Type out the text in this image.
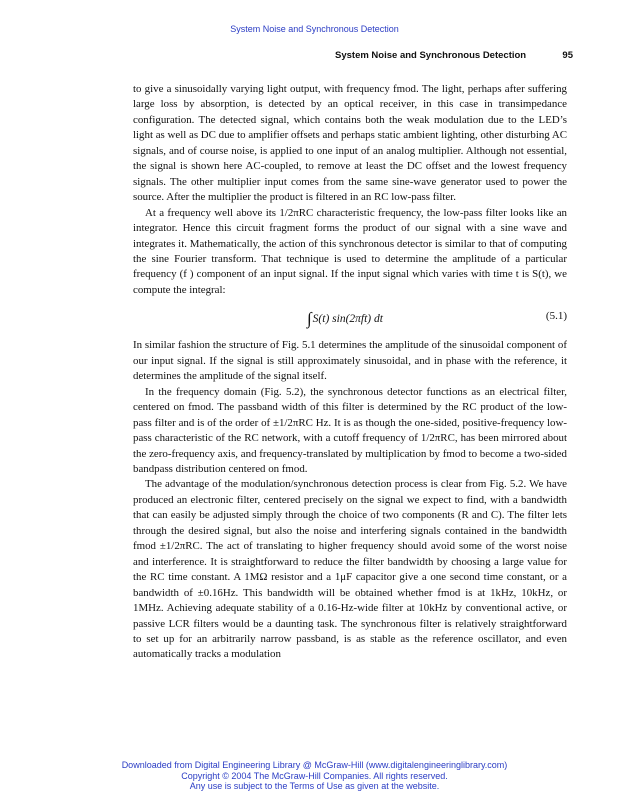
System Noise and Synchronous Detection
System Noise and Synchronous Detection	95

to give a sinusoidally varying light output, with frequency fmod. The light, perhaps after suffering large loss by absorption, is detected by an optical receiver, in this case in transimpedance configuration. The detected signal, which contains both the weak modulation due to the LED’s light as well as DC due to amplifier offsets and perhaps static ambient lighting, other disturbing AC signals, and of course noise, is applied to one input of an analog multiplier. Although not essential, the signal is shown here AC-coupled, to remove at least the DC offset and the lowest frequency signals. The other multiplier input comes from the same sine-wave generator used to power the source. After the multiplier the product is filtered in an RC low-pass filter.

At a frequency well above its 1/2πRC characteristic frequency, the low-pass filter looks like an integrator. Hence this circuit fragment forms the product of our signal with a sine wave and integrates it. Mathematically, the action of this synchronous detector is similar to that of computing the sine Fourier transform. That technique is used to determine the amplitude of a particular frequency (f ) component of an input signal. If the input signal which varies with time t is S(t), we compute the integral:

∫S(t) sin(2πft) dt	(5.1)

In similar fashion the structure of Fig. 5.1 determines the amplitude of the sinusoidal component of our input signal. If the signal is still approximately sinusoidal, and in phase with the reference, it determines the amplitude of the signal itself.

In the frequency domain (Fig. 5.2), the synchronous detector functions as an electrical filter, centered on fmod. The passband width of this filter is determined by the RC product of the low-pass filter and is of the order of ±1/2πRC Hz. It is as though the one-sided, positive-frequency low-pass characteristic of the RC network, with a cutoff frequency of 1/2πRC, has been mirrored about the zero-frequency axis, and frequency-translated by multiplication by fmod to become a two-sided bandpass distribution centered on fmod.

The advantage of the modulation/synchronous detection process is clear from Fig. 5.2. We have produced an electronic filter, centered precisely on the signal we expect to find, with a bandwidth that can easily be adjusted simply through the choice of two components (R and C). The filter lets through the desired signal, but also the noise and interfering signals contained in the bandwidth fmod ±1/2πRC. The act of translating to higher frequency should avoid some of the worst noise and interference. It is straightforward to reduce the filter bandwidth by choosing a large value for the RC time constant. A 1MΩ resistor and a 1μF capacitor give a one second time constant, or a bandwidth of ±0.16Hz. This bandwidth will be obtained whether fmod is at 1kHz, 10kHz, or 1MHz. Achieving adequate stability of a 0.16-Hz-wide filter at 10kHz by conventional active, or passive LCR filters would be a daunting task. The synchronous filter is relatively straightforward to set up for an arbitrarily narrow passband, is as stable as the reference oscillator, and even automatically tracks a modulation

Downloaded from Digital Engineering Library @ McGraw-Hill (www.digitalengineeringlibrary.com)
Copyright © 2004 The McGraw-Hill Companies. All rights reserved.
Any use is subject to the Terms of Use as given at the website.
